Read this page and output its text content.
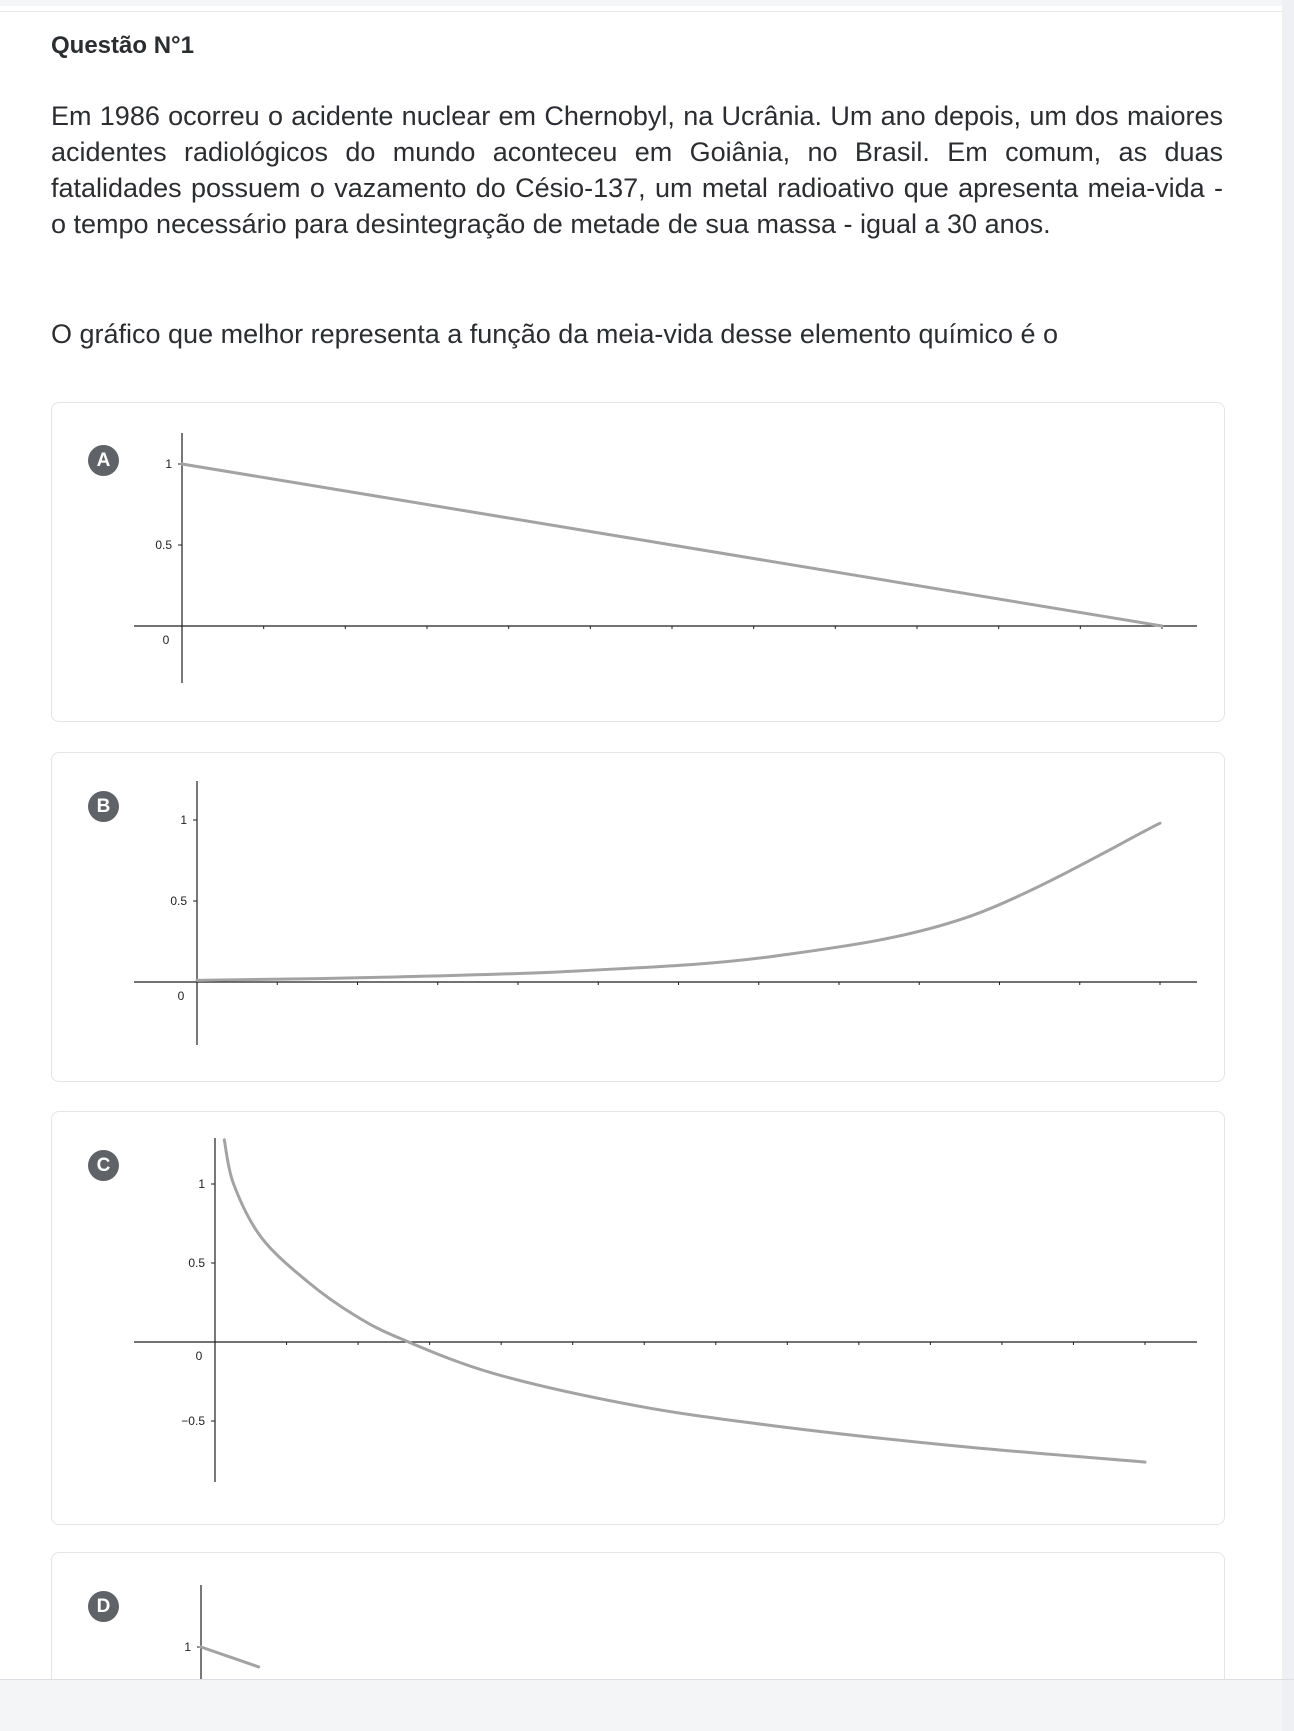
Questão N°1

Em 1986 ocorreu o acidente nuclear em Chernobyl, na Ucrânia. Um ano depois, um dos maiores acidentes radiológicos do mundo aconteceu em Goiânia, no Brasil. Em comum, as duas fatalidades possuem o vazamento do Césio-137, um metal radioativo que apresenta meia-vida - o tempo necessário para desintegração de metade de sua massa - igual a 30 anos.

O gráfico que melhor representa a função da meia-vida desse elemento químico é o
A	1
0.5
0
B
1
0.5
0
C
1
0.5
0
−0.5
D
1
